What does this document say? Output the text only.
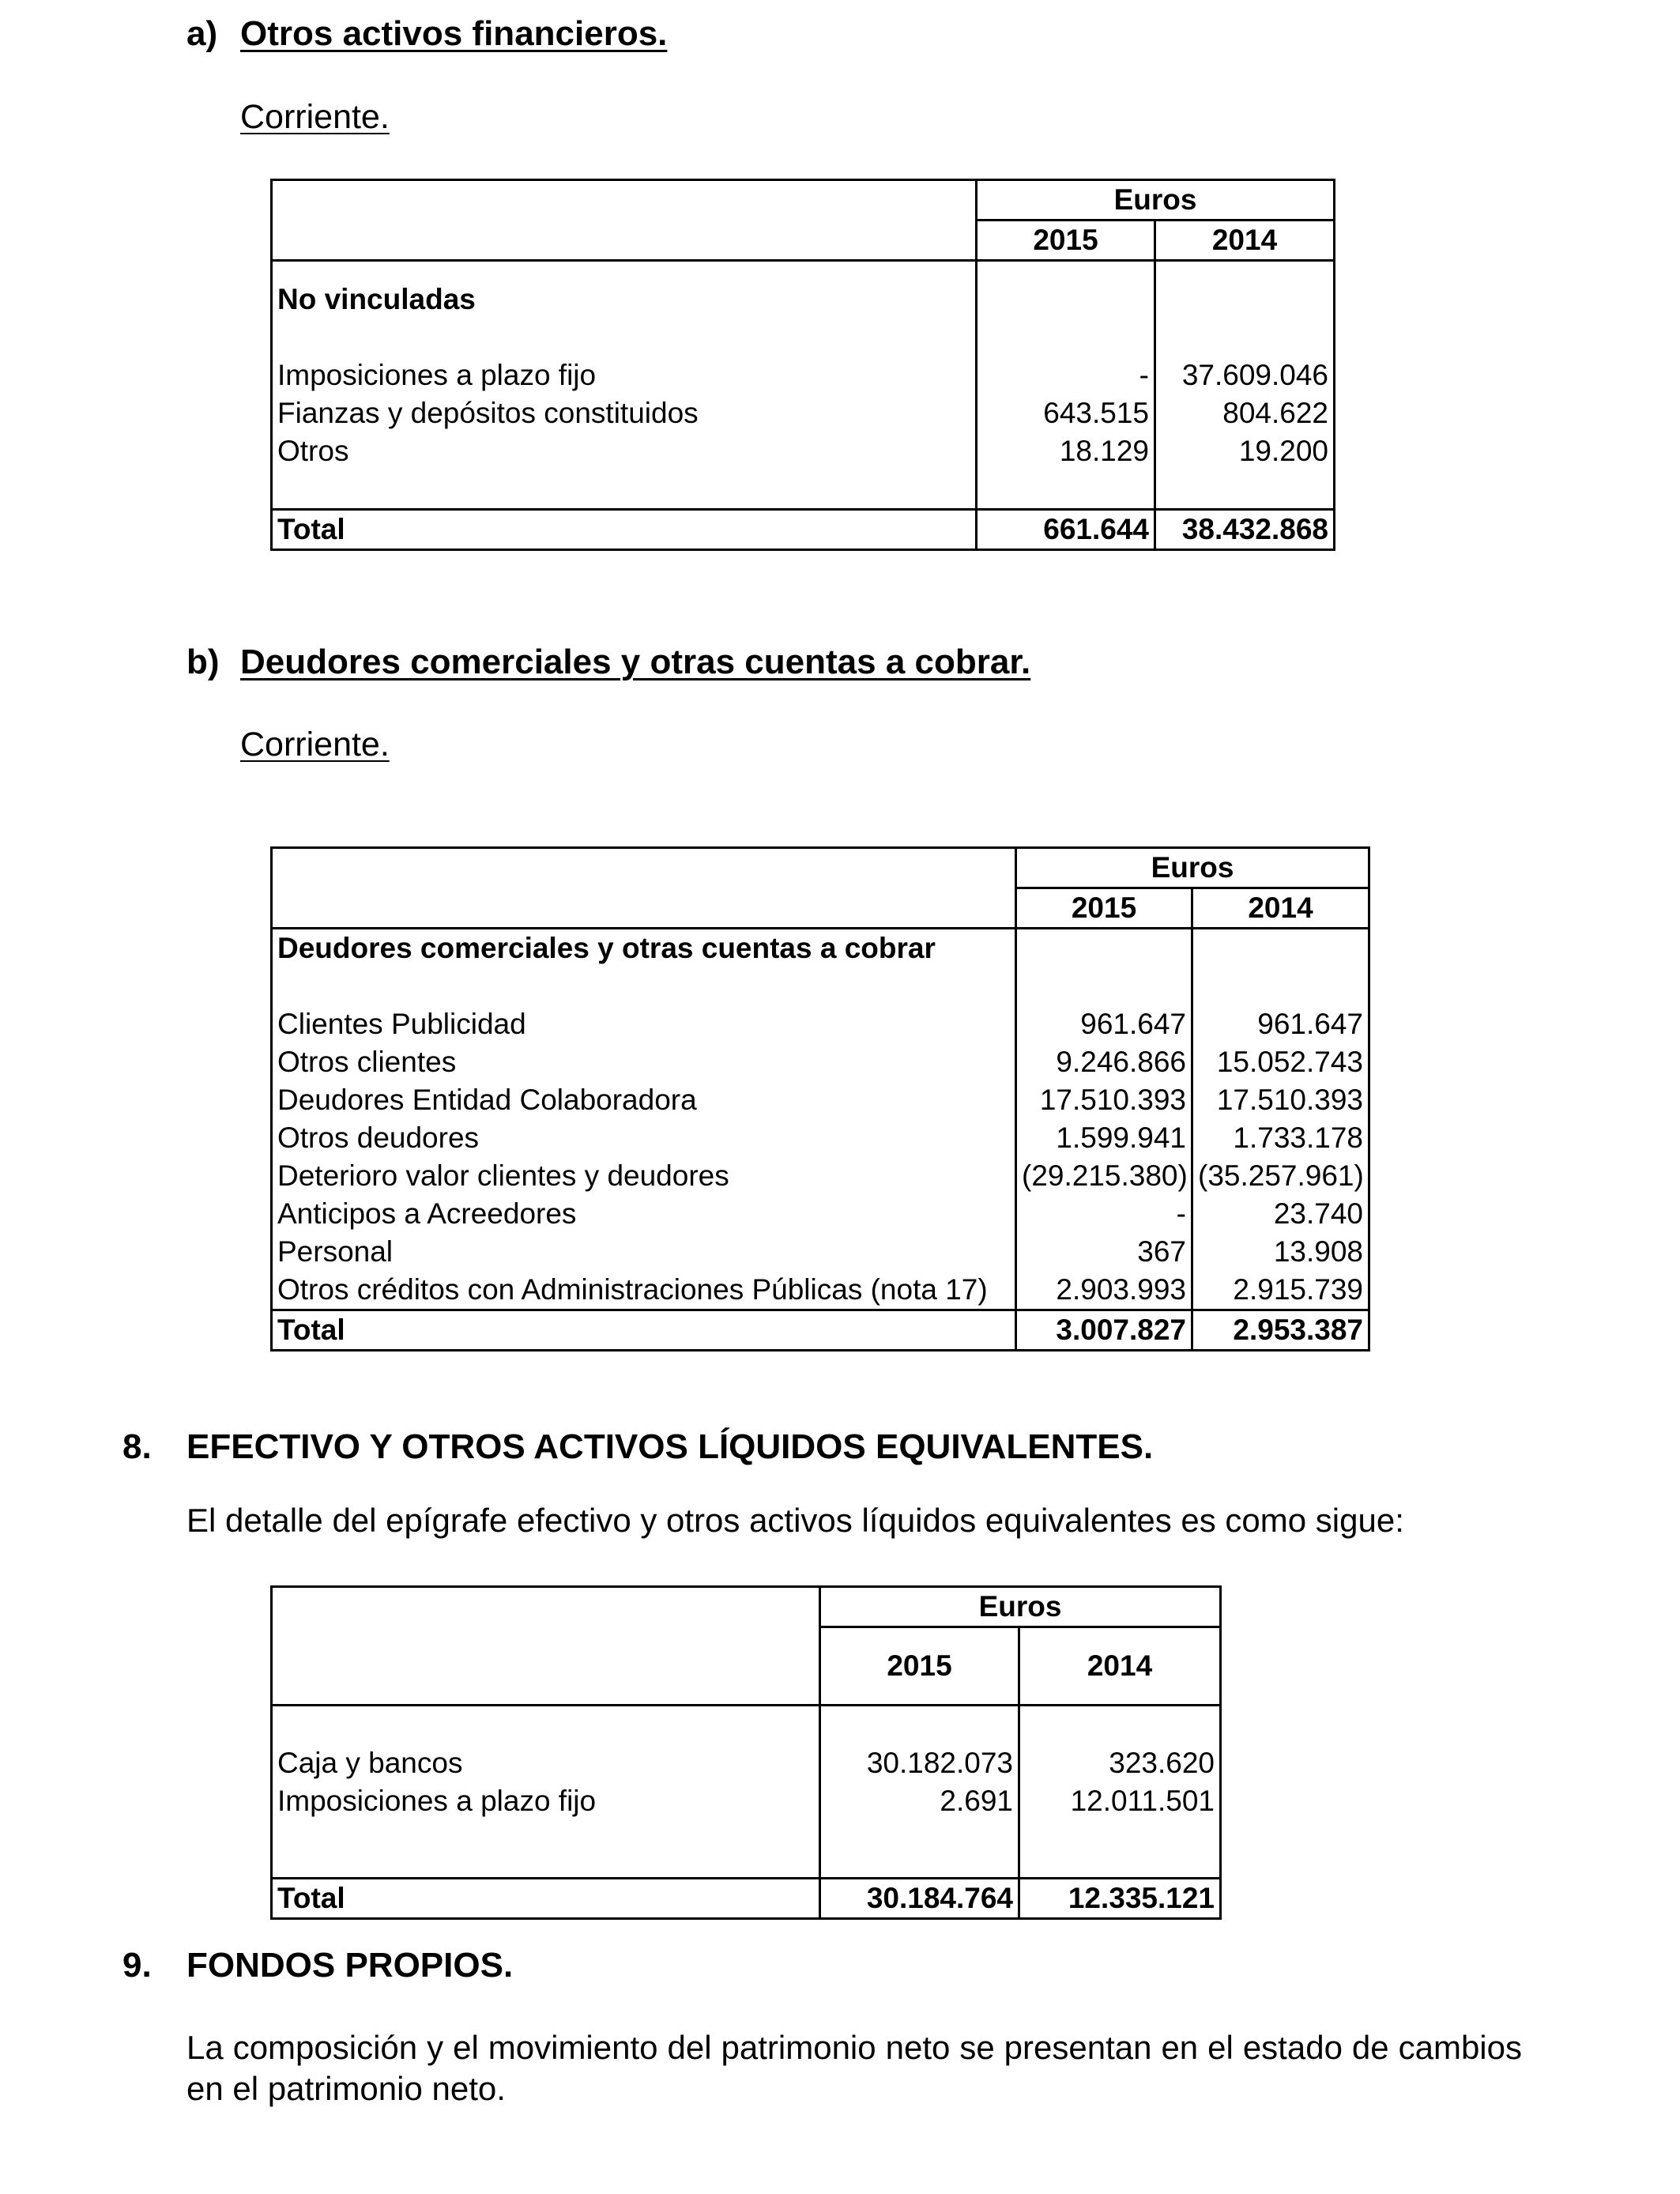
a) Otros activos financieros.
Corriente.
	Euros	
	2015	2014

No vinculadas		

Imposiciones a plazo fijo	-	37.609.046
Fianzas y depósitos constituidos	643.515	804.622
Otros	18.129	19.200

Total	661.644	38.432.868
b) Deudores comerciales y otras cuentas a cobrar.
Corriente.
	Euros	
	2015	2014
Deudores comerciales y otras cuentas a cobrar		

Clientes Publicidad	961.647	961.647
Otros clientes	9.246.866	15.052.743
Deudores Entidad Colaboradora	17.510.393	17.510.393
Otros deudores	1.599.941	1.733.178
Deterioro valor clientes y deudores	(29.215.380)	(35.257.961)
Anticipos a Acreedores	-	23.740
Personal	367	13.908
Otros créditos con Administraciones Públicas (nota 17)	2.903.993	2.915.739
Total	3.007.827	2.953.387
8. EFECTIVO Y OTROS ACTIVOS LÍQUIDOS EQUIVALENTES.
El detalle del epígrafe efectivo y otros activos líquidos equivalentes es como sigue:
	Euros	
	2015	2014

Caja y bancos	30.182.073	323.620
Imposiciones a plazo fijo	2.691	12.011.501

Total	30.184.764	12.335.121
9. FONDOS PROPIOS.
La composición y el movimiento del patrimonio neto se presentan en el estado de cambios en el patrimonio neto.
